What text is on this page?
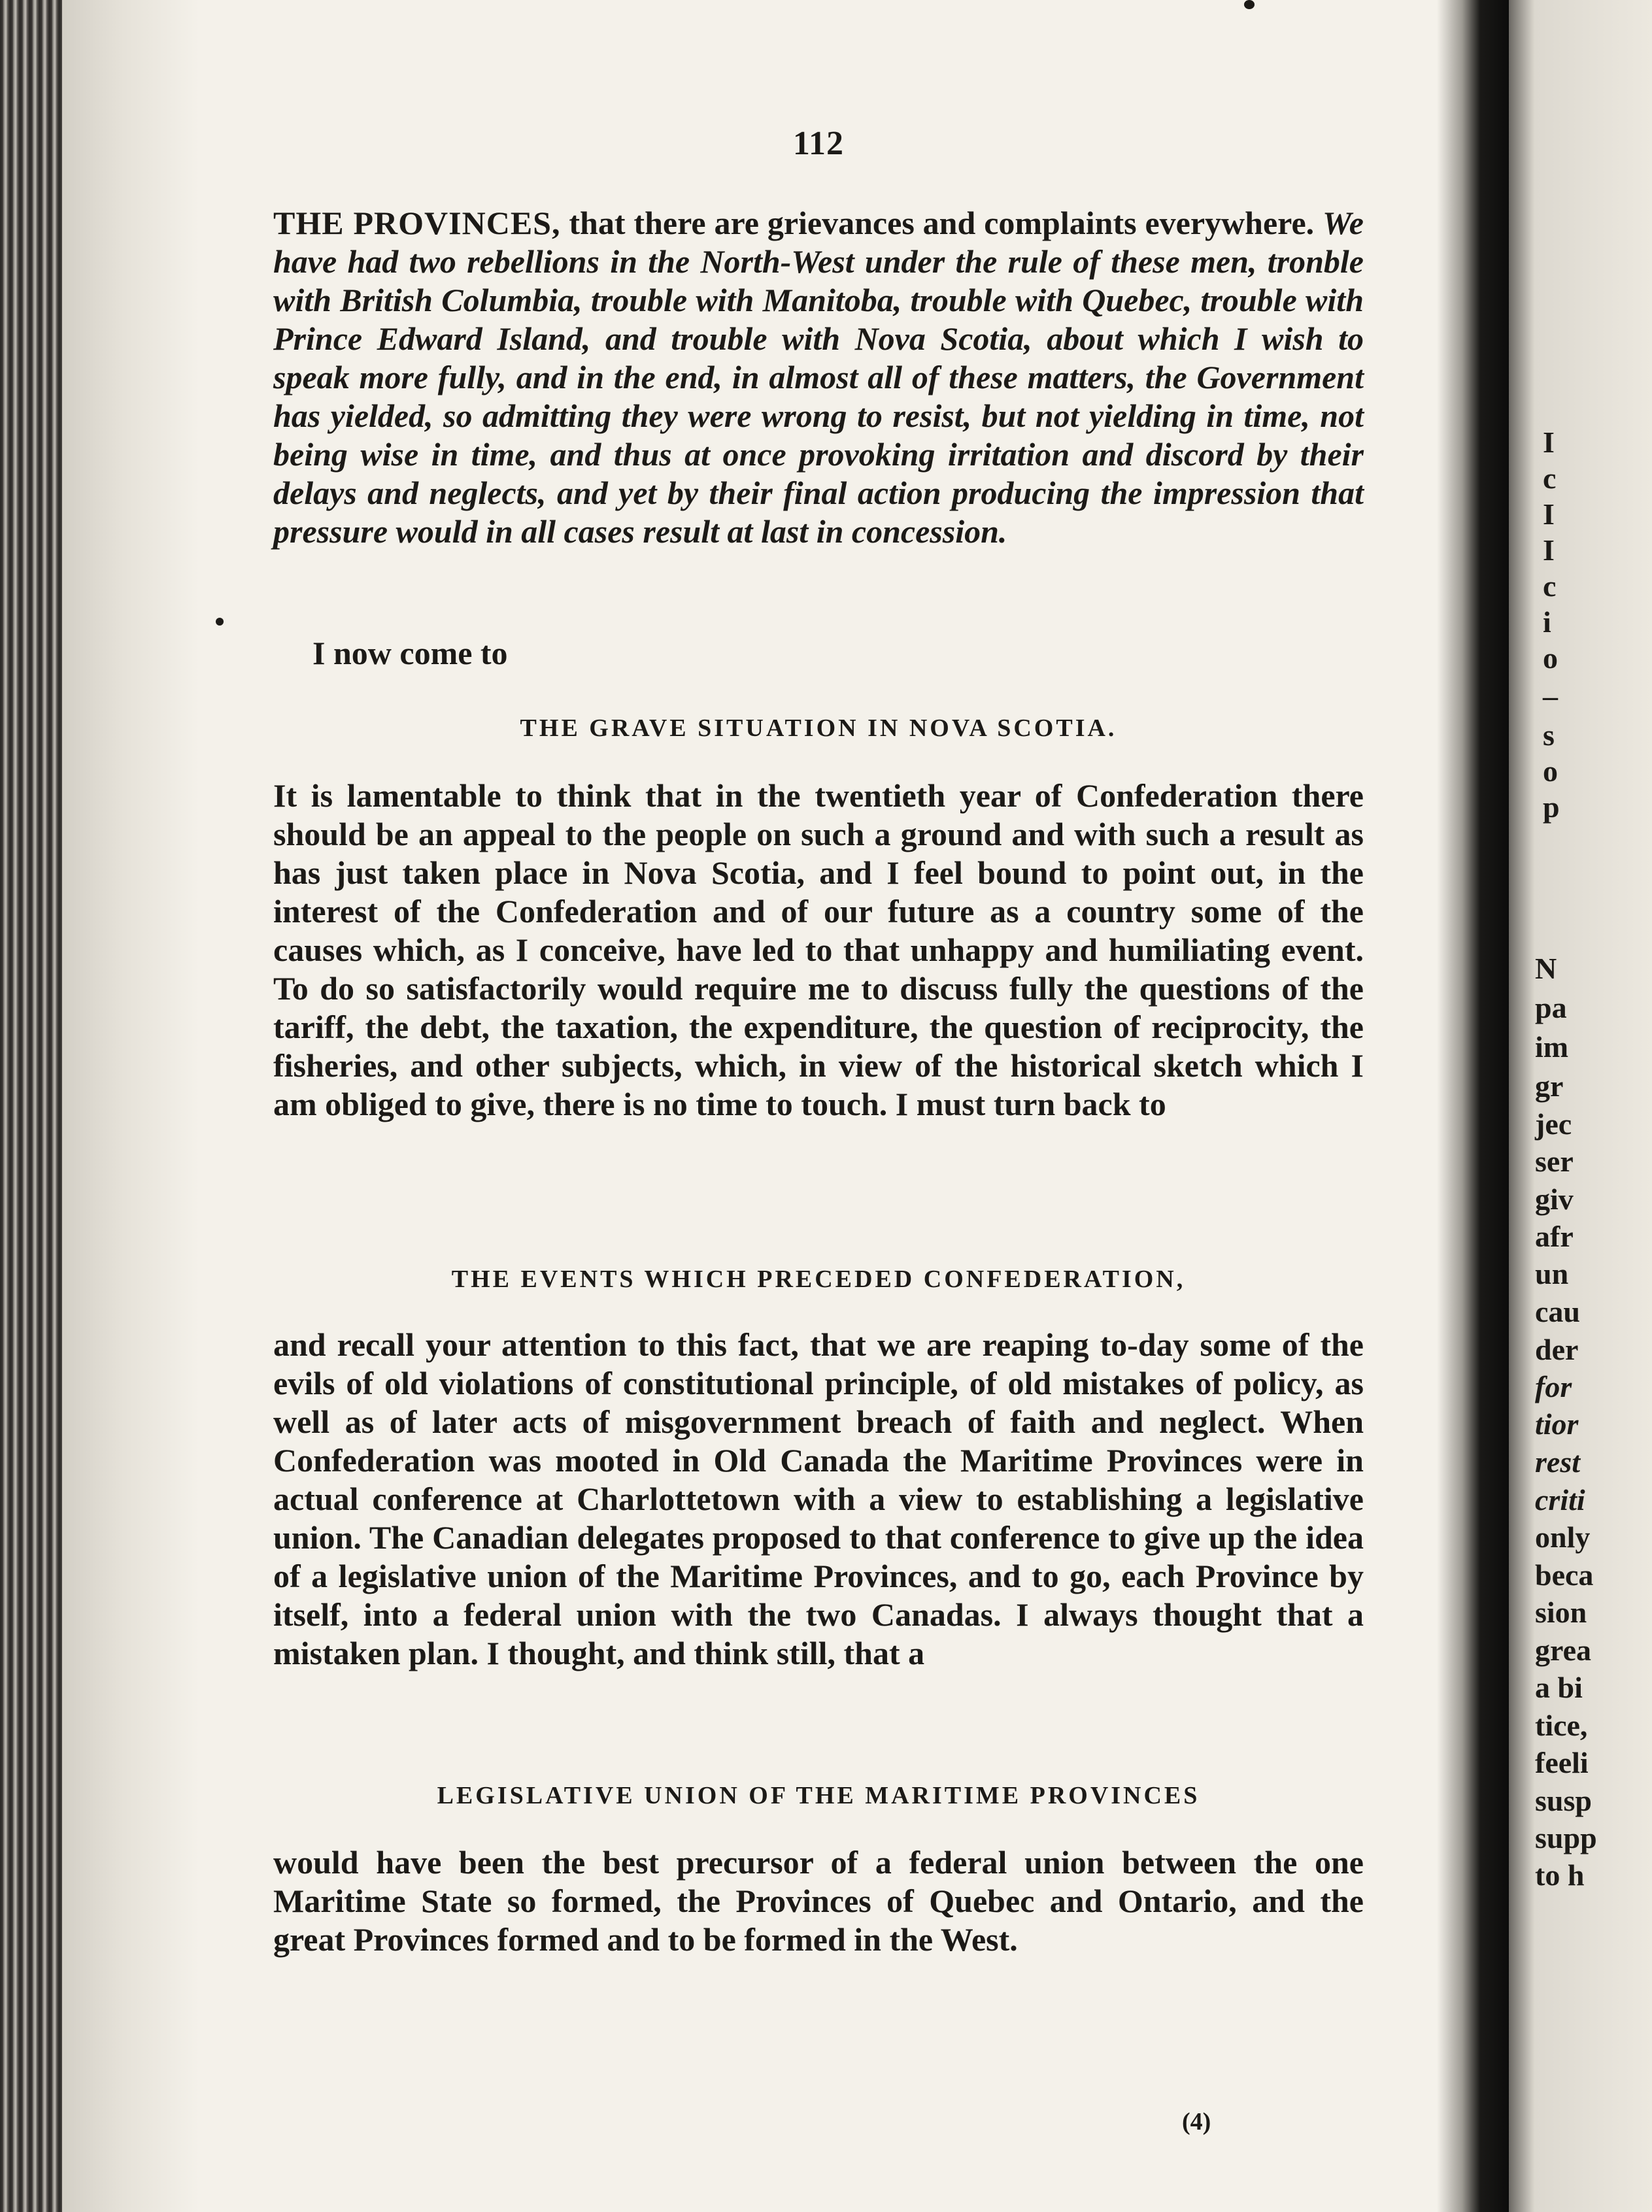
112
THE PROVINCES, that there are grievances and complaints everywhere. We have had two rebellions in the North-West under the rule of these men, tronble with British Columbia, trouble with Manitoba, trouble with Quebec, trouble with Prince Edward Island, and trouble with Nova Scotia, about which I wish to speak more fully, and in the end, in almost all of these matters, the Government has yielded, so admitting they were wrong to resist, but not yielding in time, not being wise in time, and thus at once provoking irritation and discord by their delays and neglects, and yet by their final action producing the impression that pressure would in all cases result at last in concession.
I now come to
THE GRAVE SITUATION IN NOVA SCOTIA.
It is lamentable to think that in the twentieth year of Confederation there should be an appeal to the people on such a ground and with such a result as has just taken place in Nova Scotia, and I feel bound to point out, in the interest of the Confederation and of our future as a country some of the causes which, as I conceive, have led to that unhappy and humiliating event. To do so satisfactorily would require me to discuss fully the questions of the tariff, the debt, the taxation, the expenditure, the question of reciprocity, the fisheries, and other subjects, which, in view of the historical sketch which I am obliged to give, there is no time to touch. I must turn back to
THE EVENTS WHICH PRECEDED CONFEDERATION,
and recall your attention to this fact, that we are reaping to-day some of the evils of old violations of constitutional principle, of old mistakes of policy, as well as of later acts of misgovernment breach of faith and neglect. When Confederation was mooted in Old Canada the Maritime Provinces were in actual conference at Charlottetown with a view to establishing a legislative union. The Canadian delegates proposed to that conference to give up the idea of a legislative union of the Maritime Provinces, and to go, each Province by itself, into a federal union with the two Canadas. I always thought that a mistaken plan. I thought, and think still, that a
LEGISLATIVE UNION OF THE MARITIME PROVINCES
would have been the best precursor of a federal union between the one Maritime State so formed, the Provinces of Quebec and Ontario, and the great Provinces formed and to be formed in the West.
(4)
I
c
I
I
c
i
o
–
s
o
p
N
pa
im
gr
jec
ser
giv
afr
un
cau
der
for
tior
rest
criti
only
beca
sion
grea
a bi
tice,
feeli
susp
supp
to h
